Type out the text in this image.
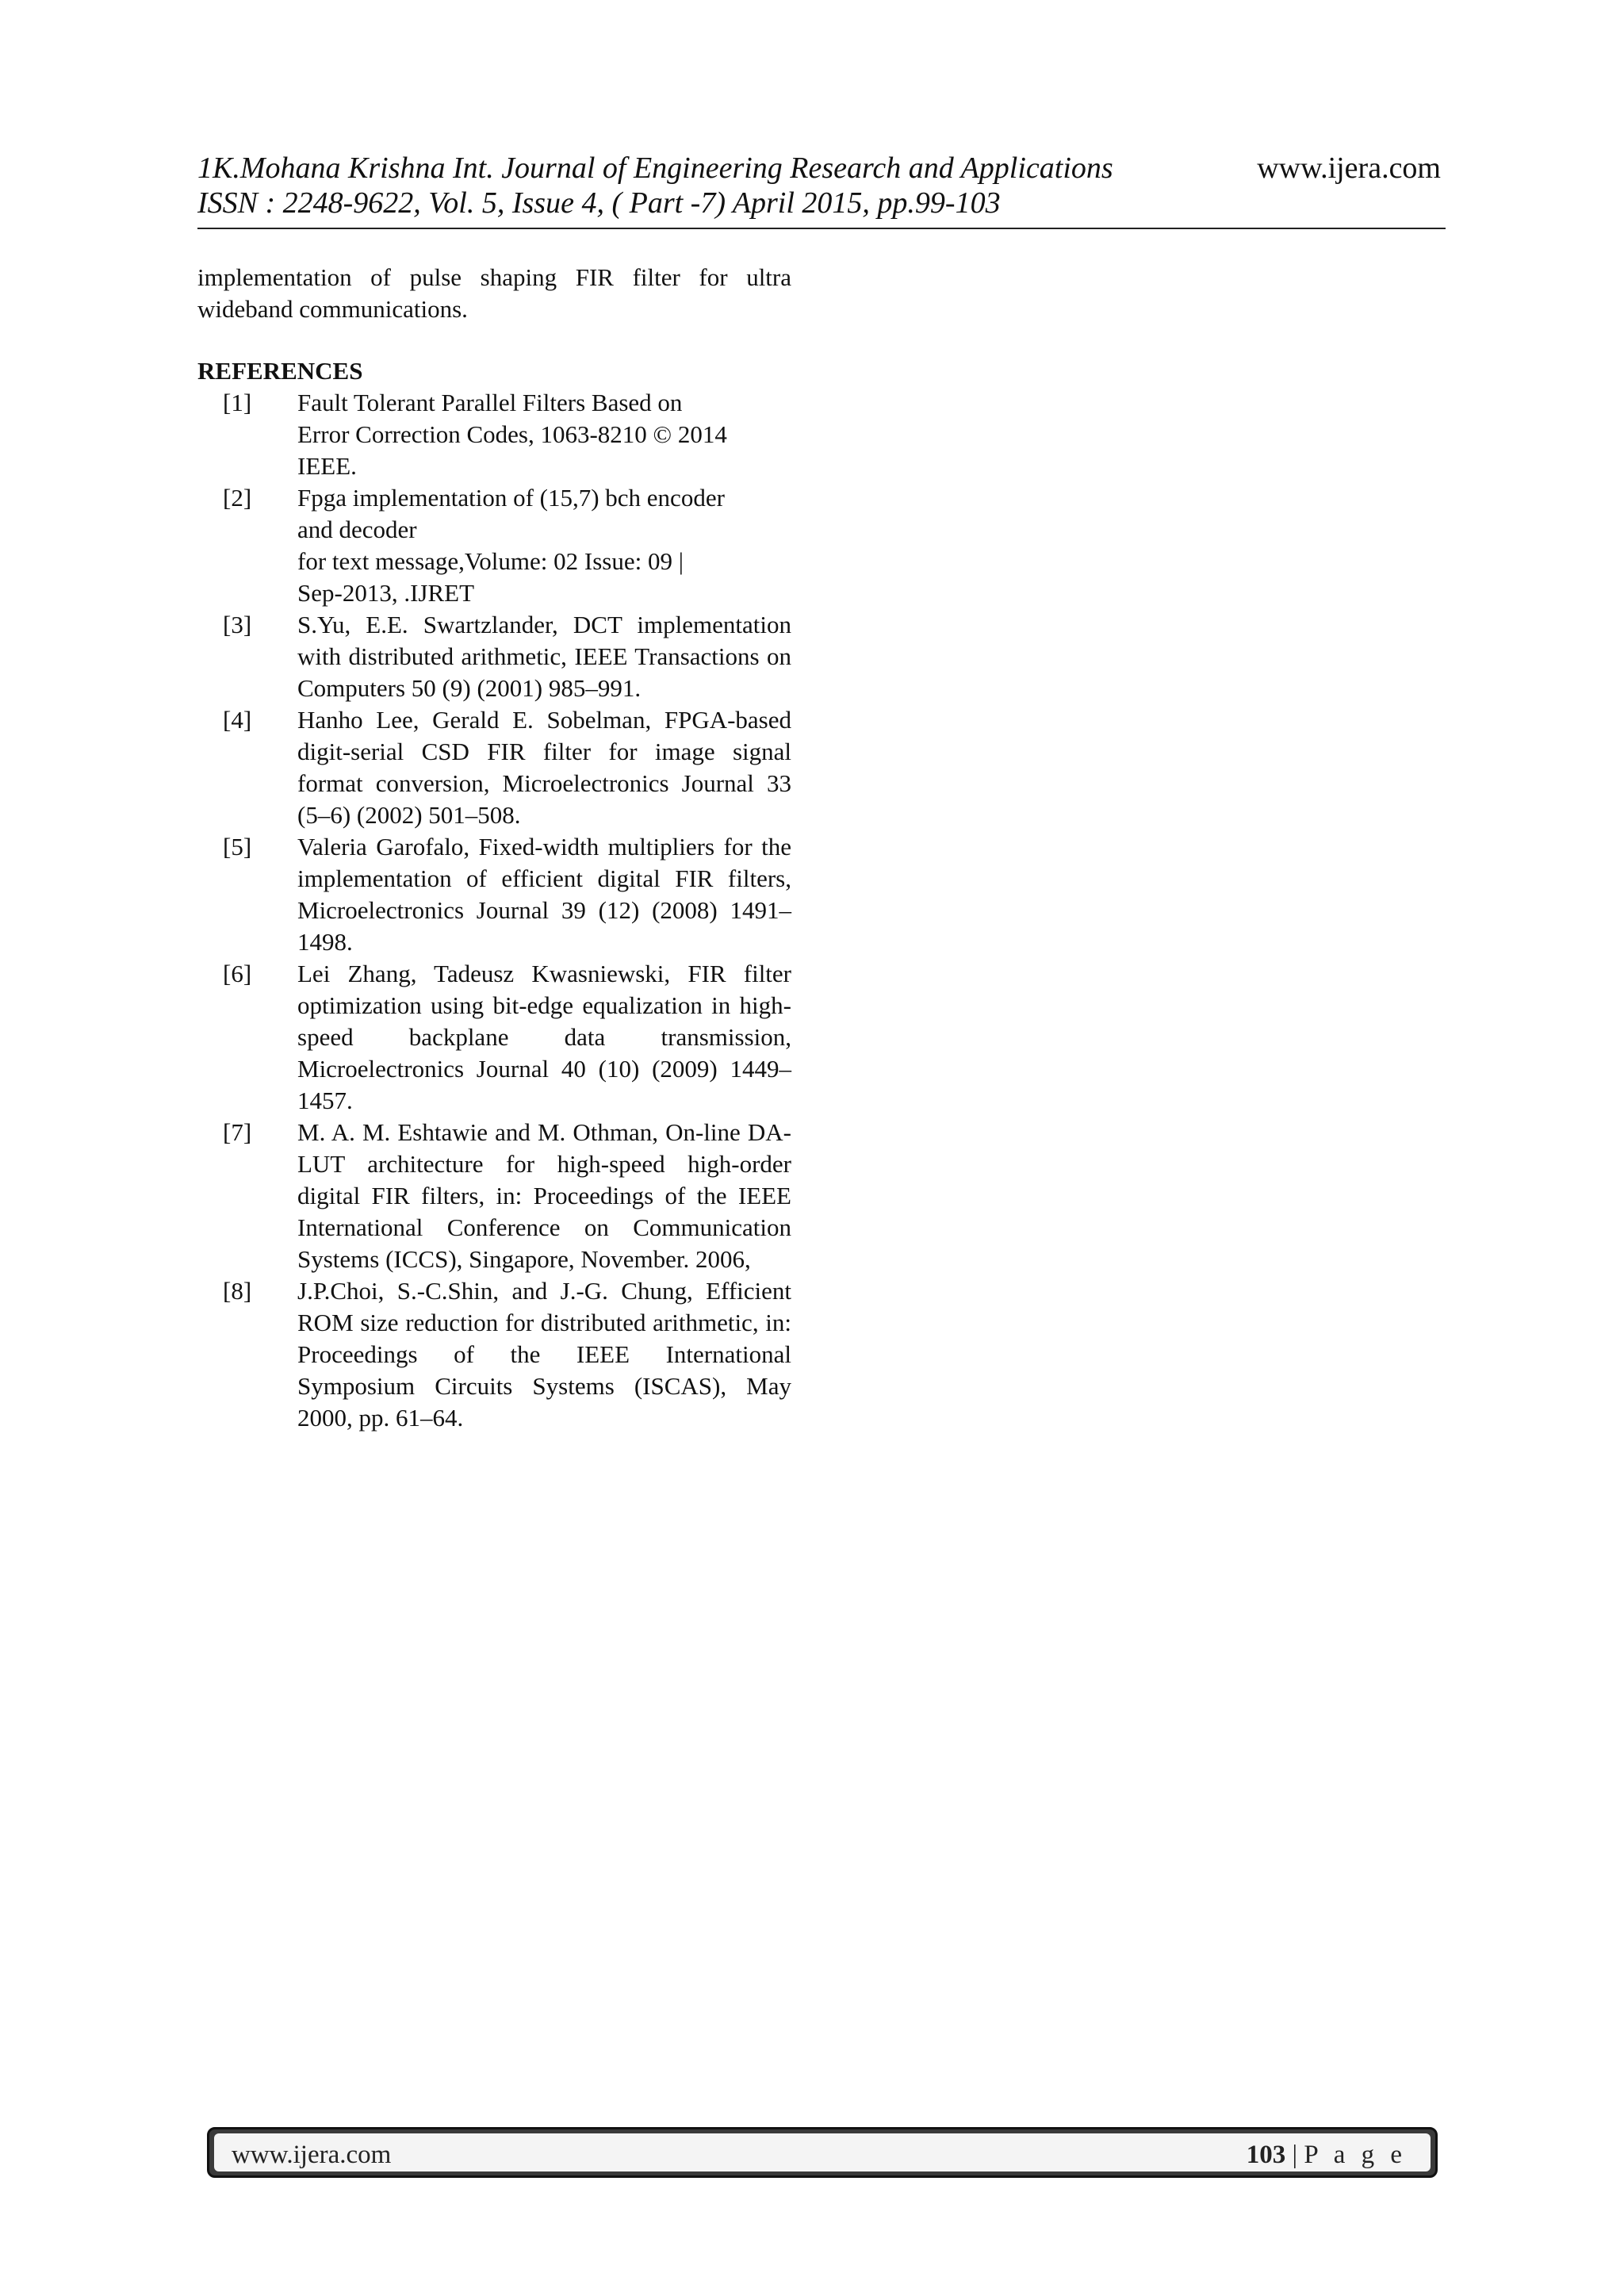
1K.Mohana Krishna Int. Journal of Engineering Research and Applications	www.ijera.com
ISSN : 2248-9622, Vol. 5, Issue 4, ( Part -7) April 2015, pp.99-103

implementation of pulse shaping FIR filter for ultra wideband communications.

REFERENCES
[1] Fault Tolerant Parallel Filters Based on
Error Correction Codes, 1063-8210 © 2014
IEEE.
[2] Fpga implementation of (15,7) bch encoder
and decoder
for text message,Volume: 02 Issue: 09 |
Sep-2013, .IJRET
[3] S.Yu, E.E. Swartzlander, DCT implementation with distributed arithmetic, IEEE Transactions on Computers 50 (9) (2001) 985–991.
[4] Hanho Lee, Gerald E. Sobelman, FPGA-based digit-serial CSD FIR filter for image signal format conversion, Microelectronics Journal 33 (5–6) (2002) 501–508.
[5] Valeria Garofalo, Fixed-width multipliers for the implementation of efficient digital FIR filters, Microelectronics Journal 39 (12) (2008) 1491–1498.
[6] Lei Zhang, Tadeusz Kwasniewski, FIR filter optimization using bit-edge equalization in high-speed backplane data transmission, Microelectronics Journal 40 (10) (2009) 1449–1457.
[7] M. A. M. Eshtawie and M. Othman, On-line DA-LUT architecture for high-speed high-order digital FIR filters, in: Proceedings of the IEEE International Conference on Communication Systems (ICCS), Singapore, November. 2006,
[8] J.P.Choi, S.-C.Shin, and J.-G. Chung, Efficient ROM size reduction for distributed arithmetic, in: Proceedings of the IEEE International Symposium Circuits Systems (ISCAS), May 2000, pp. 61–64.
www.ijera.com	103 | P a g e
